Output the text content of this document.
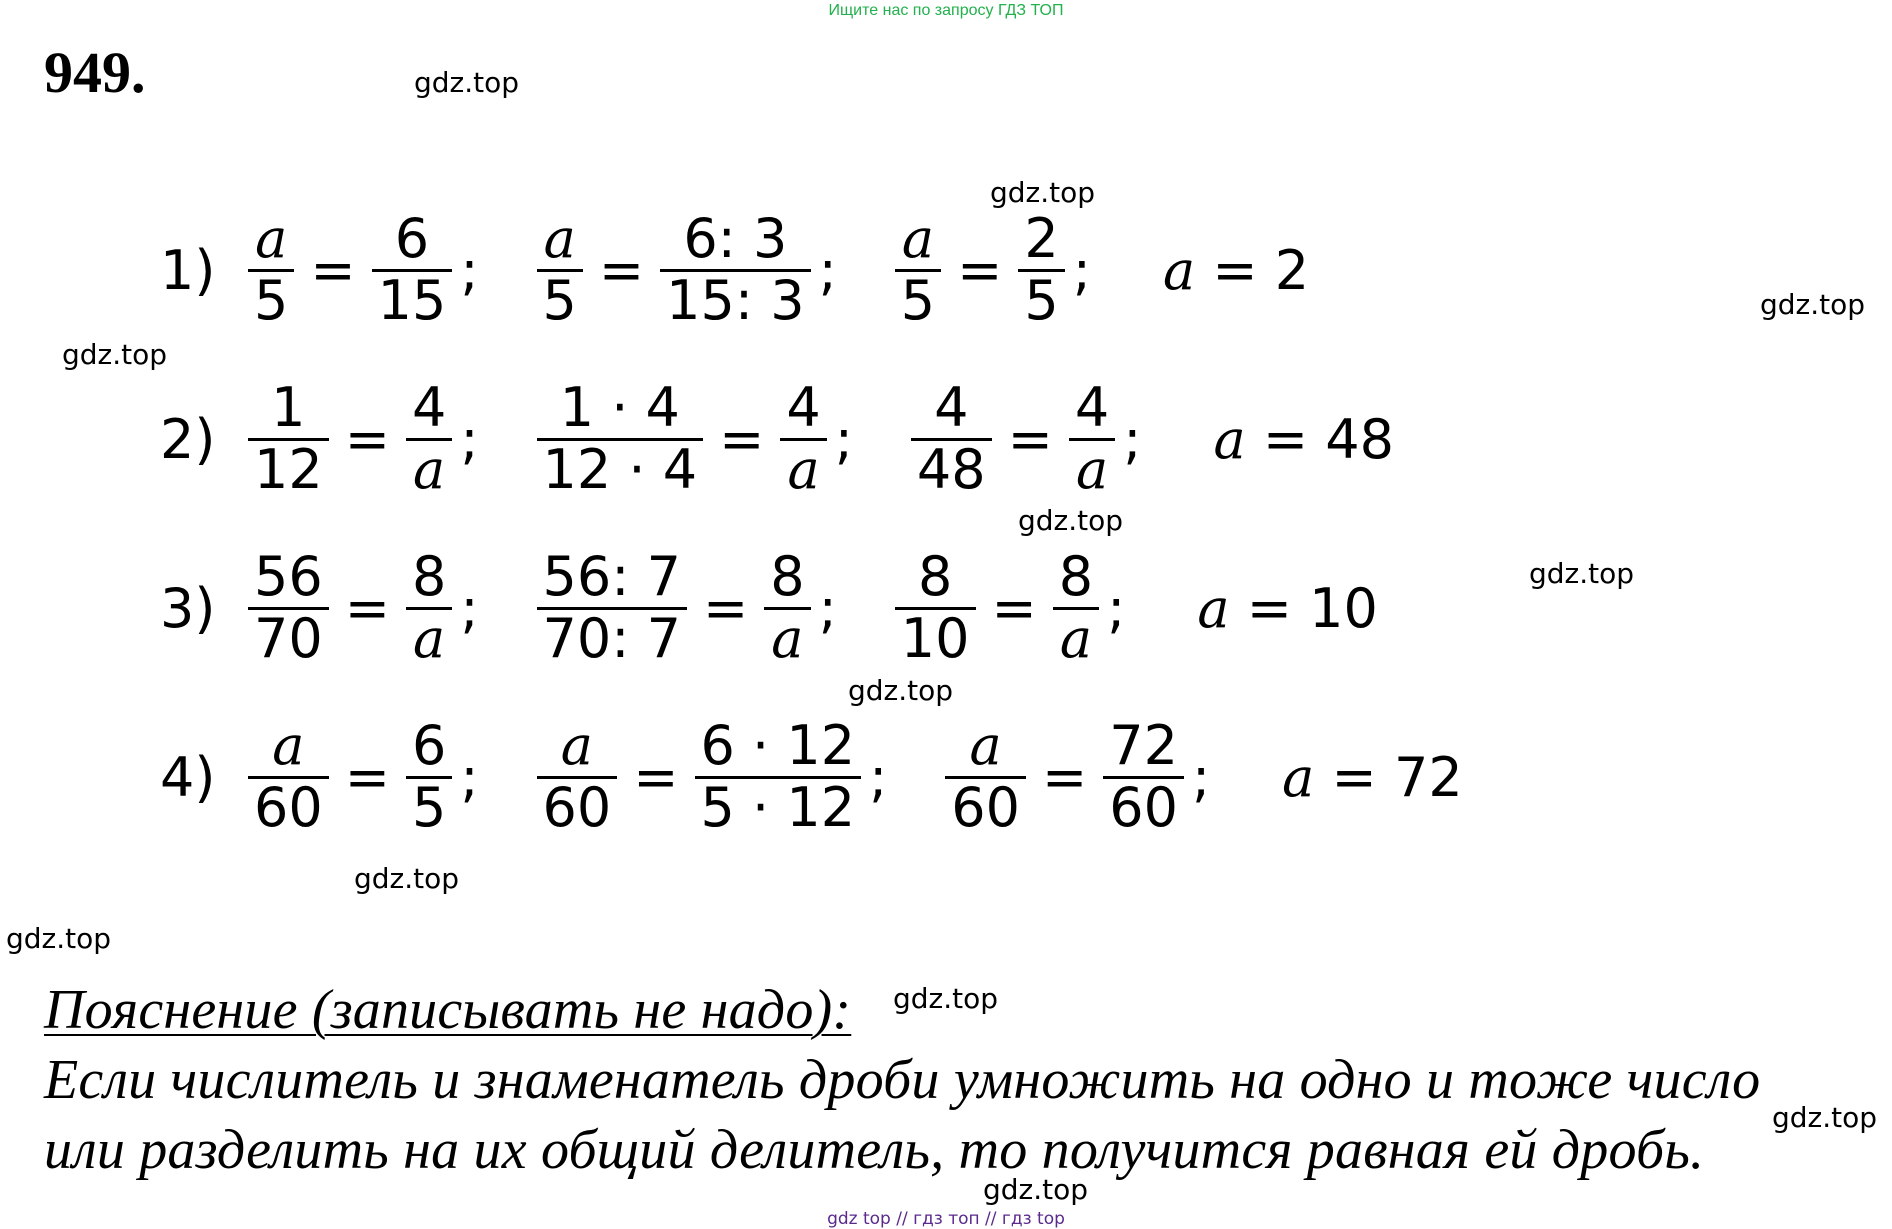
Ищите нас по запросу ГДЗ ТОП
949.	gdz.top
gdz.top
gdz.top
gdz.top
gdz.top
gdz.top
gdz.top
gdz.top
gdz.top
gdz.top
gdz.top
gdz.top
$1) \frac{a}{5} = \frac{6}{15}$ ; $\frac{a}{5} = \frac{6: 3}{15: 3}$ ; $\frac{a}{5} = \frac{2}{5}$ ; a = 2
$2) \frac{1}{12} = \frac{4}{a}$ ; $\frac{1 \cdot 4}{12 \cdot 4} = \frac{4}{a}$ ; $\frac{4}{48} = \frac{4}{a}$ ; a = 48
$3) \frac{56}{70} = \frac{8}{a}$ ; $\frac{56: 7}{70: 7} = \frac{8}{a}$ ; $\frac{8}{10} = \frac{8}{a}$ ; a = 10
$4) \frac{a}{60} = \frac{6}{5}$ ; $\frac{a}{60} = \frac{6 \cdot 12}{5 \cdot 12}$ ; $\frac{a}{60} = \frac{72}{60}$ ; a = 72
Пояснение (записывать не надо):
Если числитель и знаменатель дроби умножить на одно и тоже число
или разделить на их общий делитель, то получится равная ей дробь.
gdz top // гдз топ // гдз top
